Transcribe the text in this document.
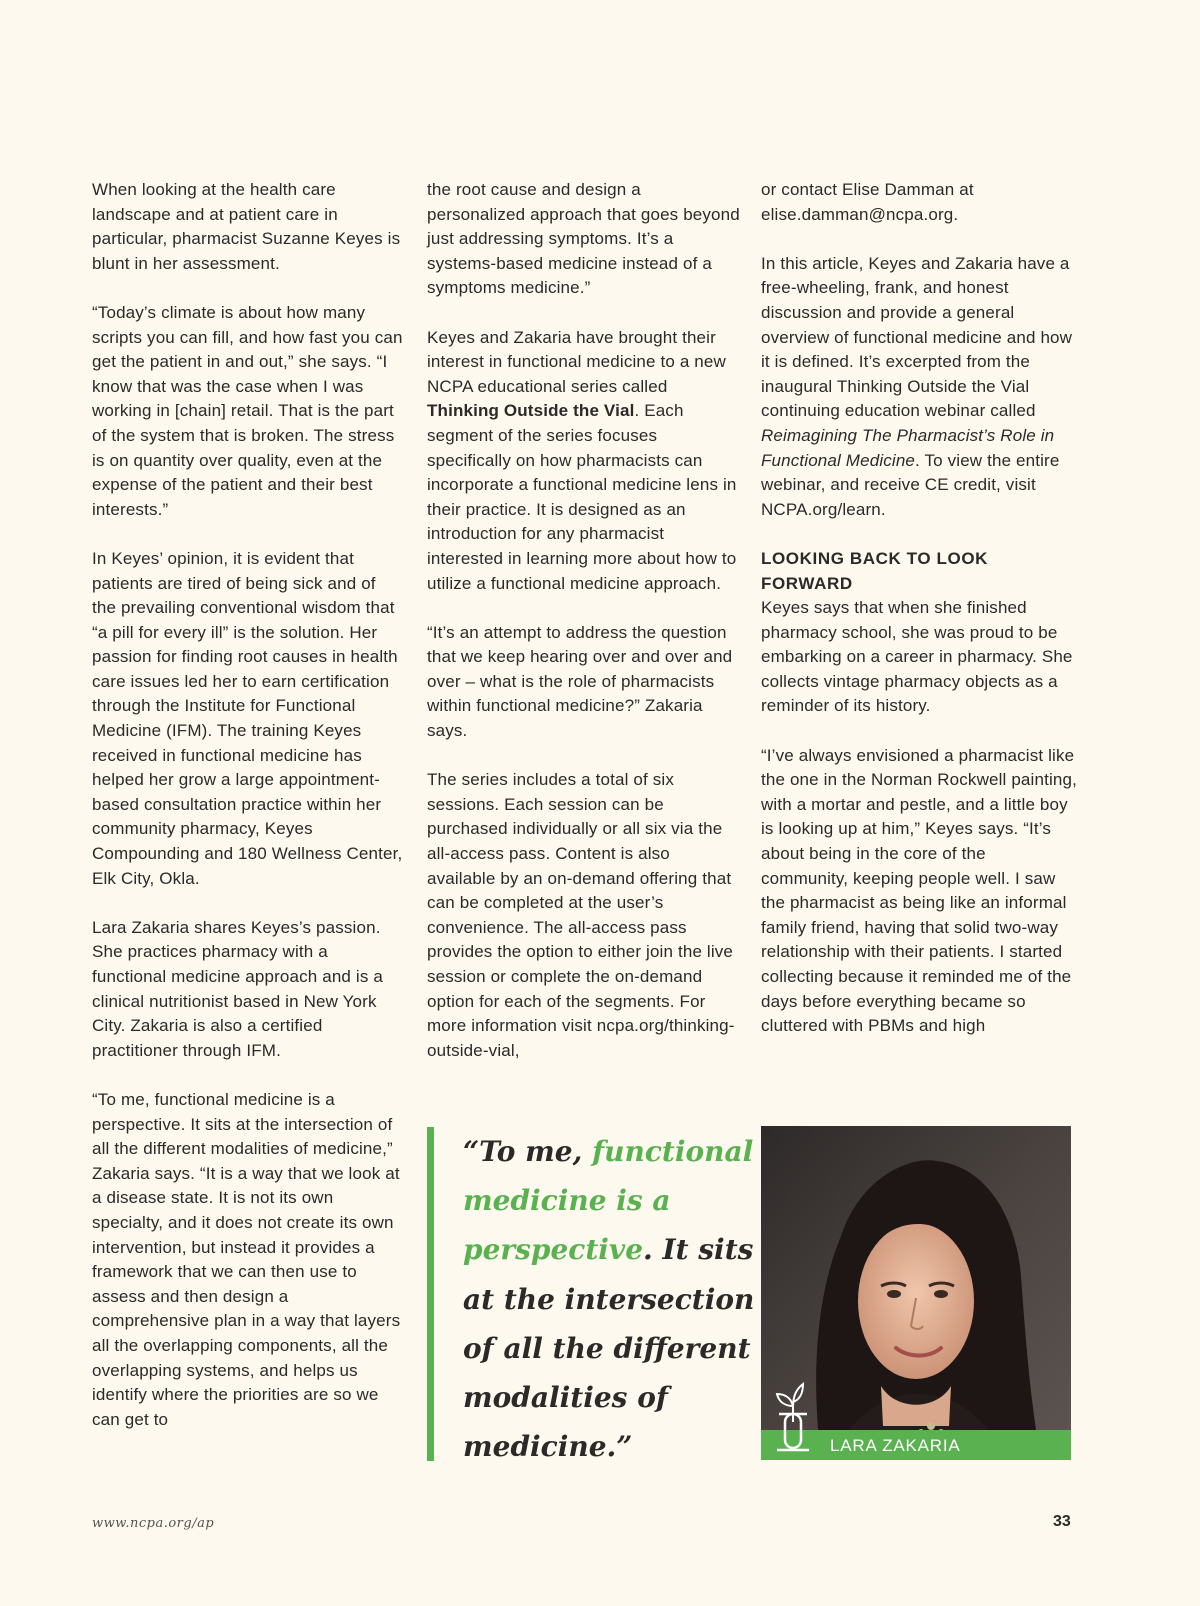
When looking at the health care landscape and at patient care in particular, pharmacist Suzanne Keyes is blunt in her assessment.

“Today’s climate is about how many scripts you can fill, and how fast you can get the patient in and out,” she says. “I know that was the case when I was working in [chain] retail. That is the part of the system that is broken. The stress is on quantity over quality, even at the expense of the patient and their best interests.”

In Keyes’ opinion, it is evident that patients are tired of being sick and of the prevailing conventional wisdom that “a pill for every ill” is the solution. Her passion for finding root causes in health care issues led her to earn certification through the Institute for Functional Medicine (IFM). The training Keyes received in functional medicine has helped her grow a large appointment-based consultation practice within her community pharmacy, Keyes Compounding and 180 Wellness Center, Elk City, Okla.

Lara Zakaria shares Keyes’s passion. She practices pharmacy with a functional medicine approach and is a clinical nutritionist based in New York City. Zakaria is also a certified practitioner through IFM.

“To me, functional medicine is a perspective. It sits at the intersection of all the different modalities of medicine,” Zakaria says. “It is a way that we look at a disease state. It is not its own specialty, and it does not create its own intervention, but instead it provides a framework that we can then use to assess and then design a comprehensive plan in a way that layers all the overlapping components, all the overlapping systems, and helps us identify where the priorities are so we can get to

the root cause and design a personalized approach that goes beyond just addressing symptoms. It’s a systems-based medicine instead of a symptoms medicine.”

Keyes and Zakaria have brought their interest in functional medicine to a new NCPA educational series called Thinking Outside the Vial. Each segment of the series focuses specifically on how pharmacists can incorporate a functional medicine lens in their practice. It is designed as an introduction for any pharmacist interested in learning more about how to utilize a functional medicine approach.

“It’s an attempt to address the question that we keep hearing over and over and over – what is the role of pharmacists within functional medicine?” Zakaria says.

The series includes a total of six sessions. Each session can be purchased individually or all six via the all-access pass. Content is also available by an on-demand offering that can be completed at the user’s convenience. The all-access pass provides the option to either join the live session or complete the on-demand option for each of the segments. For more information visit ncpa.org/thinking-outside-vial,

or contact Elise Damman at elise.damman@ncpa.org.

In this article, Keyes and Zakaria have a free-wheeling, frank, and honest discussion and provide a general overview of functional medicine and how it is defined. It’s excerpted from the inaugural Thinking Outside the Vial continuing education webinar called Reimagining The Pharmacist’s Role in Functional Medicine. To view the entire webinar, and receive CE credit, visit NCPA.org/learn.

LOOKING BACK TO LOOK FORWARD

Keyes says that when she finished pharmacy school, she was proud to be embarking on a career in pharmacy. She collects vintage pharmacy objects as a reminder of its history.

“I’ve always envisioned a pharmacist like the one in the Norman Rockwell painting, with a mortar and pestle, and a little boy is looking up at him,” Keyes says. “It’s about being in the core of the community, keeping people well. I saw the pharmacist as being like an informal family friend, having that solid two-way relationship with their patients. I started collecting because it reminded me of the days before everything became so cluttered with PBMs and high

“To me, functional medicine is a perspective. It sits at the intersection of all the different modalities of medicine.”	LARA ZAKARIA
www.ncpa.org/ap	33
